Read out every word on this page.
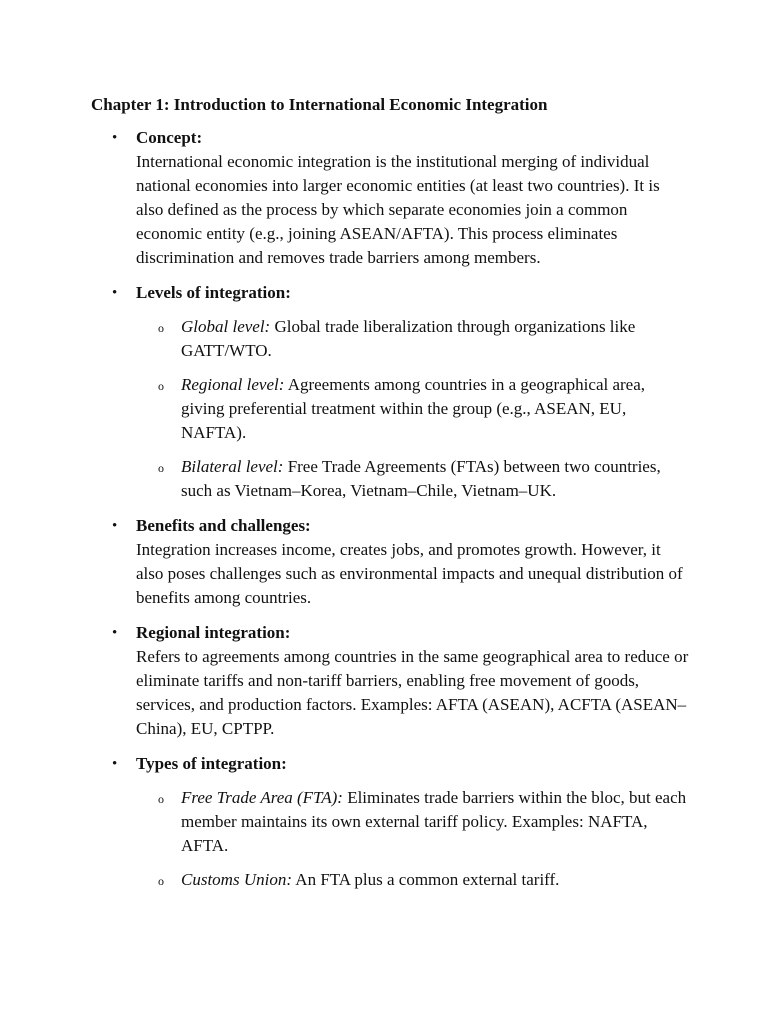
Chapter 1: Introduction to International Economic Integration
• Concept:
International economic integration is the institutional merging of individual national economies into larger economic entities (at least two countries). It is also defined as the process by which separate economies join a common economic entity (e.g., joining ASEAN/AFTA). This process eliminates discrimination and removes trade barriers among members.
• Levels of integration:
o Global level: Global trade liberalization through organizations like GATT/WTO.
o Regional level: Agreements among countries in a geographical area, giving preferential treatment within the group (e.g., ASEAN, EU, NAFTA).
o Bilateral level: Free Trade Agreements (FTAs) between two countries, such as Vietnam–Korea, Vietnam–Chile, Vietnam–UK.
• Benefits and challenges:
Integration increases income, creates jobs, and promotes growth. However, it also poses challenges such as environmental impacts and unequal distribution of benefits among countries.
• Regional integration:
Refers to agreements among countries in the same geographical area to reduce or eliminate tariffs and non-tariff barriers, enabling free movement of goods, services, and production factors. Examples: AFTA (ASEAN), ACFTA (ASEAN–China), EU, CPTPP.
• Types of integration:
o Free Trade Area (FTA): Eliminates trade barriers within the bloc, but each member maintains its own external tariff policy. Examples: NAFTA, AFTA.
o Customs Union: An FTA plus a common external tariff.
